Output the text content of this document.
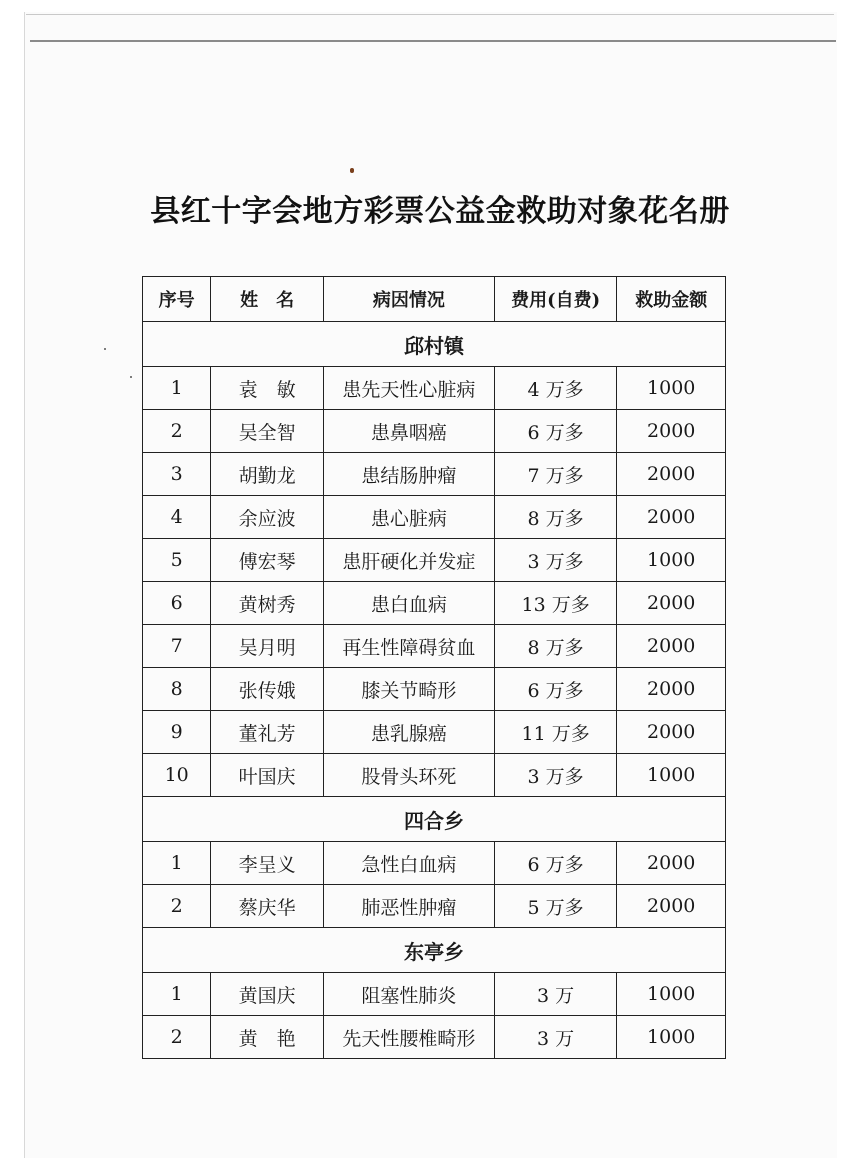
县红十字会地方彩票公益金救助对象花名册
序号	姓　名	病因情况	费用(自费)	救助金额
邱村镇				
1	袁　敏	患先天性心脏病	4 万多	1000
2	吴全智	患鼻咽癌	6 万多	2000
3	胡勤龙	患结肠肿瘤	7 万多	2000
4	余应波	患心脏病	8 万多	2000
5	傅宏琴	患肝硬化并发症	3 万多	1000
6	黄树秀	患白血病	13 万多	2000
7	吴月明	再生性障碍贫血	8 万多	2000
8	张传娥	膝关节畸形	6 万多	2000
9	董礼芳	患乳腺癌	11 万多	2000
10	叶国庆	股骨头环死	3 万多	1000
四合乡				
1	李呈义	急性白血病	6 万多	2000
2	蔡庆华	肺恶性肿瘤	5 万多	2000
东亭乡				
1	黄国庆	阻塞性肺炎	3 万	1000
2	黄　艳	先天性腰椎畸形	3 万	1000
